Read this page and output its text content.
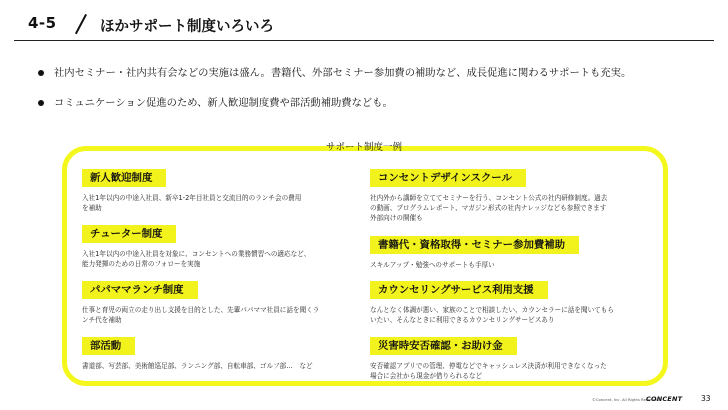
4-5	ほかサポート制度いろいろ
社内セミナー・社内共有会などの実施は盛ん。書籍代、外部セミナー参加費の補助など、成長促進に関わるサポートも充実。
コミュニケーション促進のため、新人歓迎制度費や部活動補助費なども。
サポート制度一例
新人歓迎制度
入社1年以内の中途入社員、新卒1-2年目社員と交流目的のランチ会の費用
を補助
チューター制度
入社1年以内の中途入社員を対象に、コンセントへの業務慣習への適応など、
能力発揮のための日常のフォローを実施
パパママランチ制度
仕事と育児の両立の走り出し支援を目的とした、先輩パパママ社員に話を聞くラ
ンチ代を補助
部活動
書道部、写芸部、美術館巡足部、ランニング部、自転車部、ゴルフ部…　など
コンセントデザインスクール
社内外から講師を立ててセミナーを行う、コンセント公式の社内研修制度。過去
の動画、プログラムレポート、マガジン形式の社内ナレッジなども参照できます
外部向けの開催も
書籍代・資格取得・セミナー参加費補助
スキルアップ・勉強へのサポートも手厚い
カウンセリングサービス利用支援
なんとなく体調が悪い、家族のことで相談したい、カウンセラーに話を聞いてもら
いたい、そんなときに利用できるカウンセリングサービスあり
災害時安否確認・お助け金
安否確認アプリでの管理、停電などでキャッシュレス決済が利用できなくなった
場合に会社から現金が借りられるなど
©Concent, Inc. All Rights Reserved.
CONCENT	33
